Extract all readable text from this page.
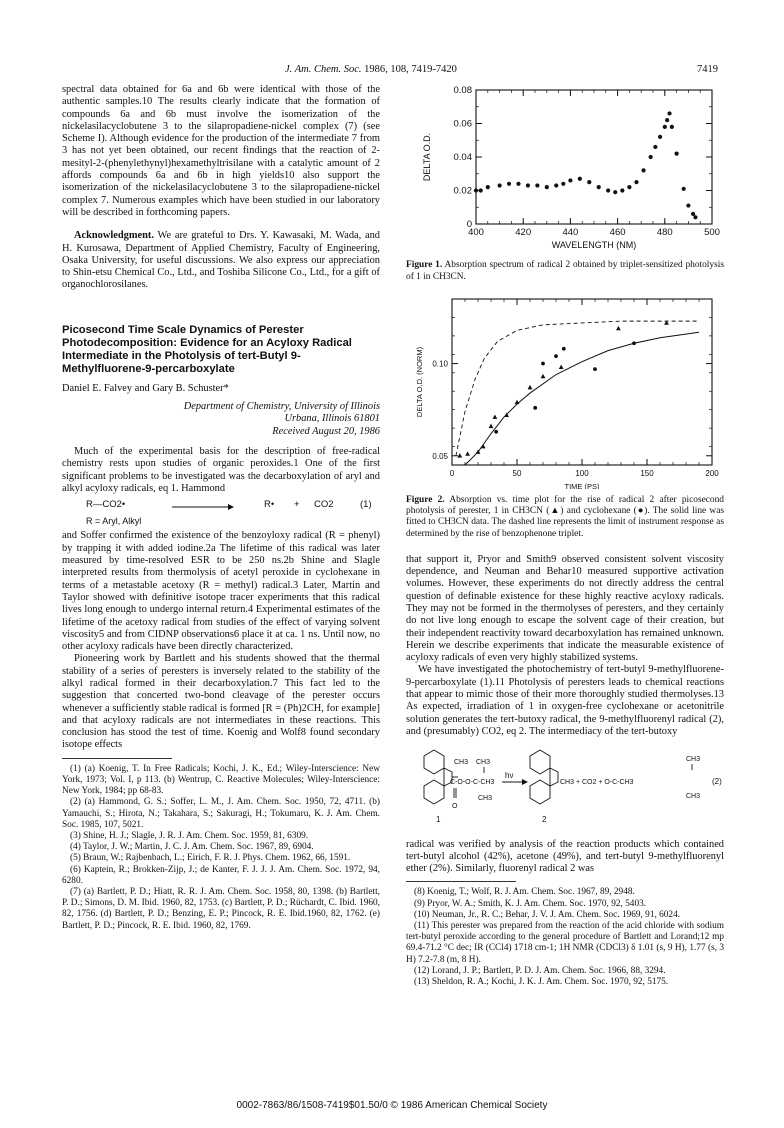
J. Am. Chem. Soc. 1986, 108, 7419-7420	7419

spectral data obtained for 6a and 6b were identical with those of the authentic samples.10 The results clearly indicate that the formation of compounds 6a and 6b must involve the isomerization of the nickelasilacyclobutene 3 to the silapropadiene-nickel complex (7) (see Scheme I). Although evidence for the production of the intermediate 7 from 3 has not yet been obtained, our recent findings that the reaction of 2-mesityl-2-(phenylethynyl)hexamethyltrisilane with a catalytic amount of 2 affords compounds 6a and 6b in high yields10 also support the isomerization of the nickelasilacyclobutene 3 to the silapropadiene-nickel complex 7. Numerous examples which have been studied in our laboratory will be described in forthcoming papers.

Acknowledgment. We are grateful to Drs. Y. Kawasaki, M. Wada, and H. Kurosawa, Department of Applied Chemistry, Faculty of Engineering, Osaka University, for useful discussions. We also express our appreciation to Shin-etsu Chemical Co., Ltd., and Toshiba Silicone Co., Ltd., for a gift of organochlorosilanes.

Picosecond Time Scale Dynamics of Perester Photodecomposition: Evidence for an Acyloxy Radical Intermediate in the Photolysis of tert-Butyl 9-Methylfluorene-9-percarboxylate

Daniel E. Falvey and Gary B. Schuster*

Department of Chemistry, University of Illinois

Urbana, Illinois 61801

Received August 20, 1986

Much of the experimental basis for the description of free-radical chemistry rests upon studies of organic peroxides.1 One of the first significant problems to be investigated was the decarboxylation of aryl and alkyl acyloxy radicals, eq 1. Hammond

R—CO2•	R• + CO2	(1)

R = Aryl, Alkyl

and Soffer confirmed the existence of the benzoyloxy radical (R = phenyl) by trapping it with added iodine.2a The lifetime of this radical was later measured by time-resolved ESR to be 250 ns.2b Shine and Slagle interpreted results from thermolysis of acetyl peroxide in cyclohexane in terms of a metastable acetoxy (R = methyl) radical.3 Later, Martin and Taylor showed with definitive isotope tracer experiments that this radical lives long enough to undergo internal return.4 Experimental estimates of the lifetime of the acetoxy radical from studies of the effect of varying solvent viscosity5 and from CIDNP observations6 place it at ca. 1 ns. Until now, no other acyloxy radicals have been directly characterized.

Pioneering work by Bartlett and his students showed that the thermal stability of a series of peresters is inversely related to the stability of the alkyl radical formed in their decarboxylation.7 This fact led to the suggestion that concerted two-bond cleavage of the perester occurs whenever a sufficiently stable radical is formed [R = (Ph)2CH, for example] and that acyloxy radicals are not intermediates in these reactions. This conclusion has stood the test of time. Koenig and Wolf8 found secondary isotope effects

(1) (a) Koenig, T. In Free Radicals; Kochi, J. K., Ed.; Wiley-Interscience: New York, 1973; Vol. I, p 113. (b) Wentrup, C. Reactive Molecules; Wiley-Interscience: New York, 1984; pp 68-83.

(2) (a) Hammond, G. S.; Soffer, L. M., J. Am. Chem. Soc. 1950, 72, 4711. (b) Yamauchi, S.; Hirota, N.; Takahara, S.; Sakuragi, H.; Tokumaru, K. J. Am. Chem. Soc. 1985, 107, 5021.

(3) Shine, H. J.; Slagle, J. R. J. Am. Chem. Soc. 1959, 81, 6309.

(4) Taylor, J. W.; Martin, J. C. J. Am. Chem. Soc. 1967, 89, 6904.

(5) Braun, W.; Rajbenbach, L.; Eirich, F. R. J. Phys. Chem. 1962, 66, 1591.

(6) Kaptein, R.; Brokken-Zijp, J.; de Kanter, F. J. J. J. Am. Chem. Soc. 1972, 94, 6280.

(7) (a) Bartlett, P. D.; Hiatt, R. R. J. Am. Chem. Soc. 1958, 80, 1398. (b) Bartlett, P. D.; Simons, D. M. Ibid. 1960, 82, 1753. (c) Bartlett, P. D.; Rüchardt, C. Ibid. 1960, 82, 1756. (d) Bartlett, P. D.; Benzing, E. P.; Pincock, R. E. Ibid.1960, 82, 1762. (e) Bartlett, P. D.; Pincock, R. E. Ibid. 1960, 82, 1769.

400	420	440	460	480	500
0
0.02
0.04
0.06
0.08
WAVELENGTH (NM)
DELTA O.D.

Figure 1. Absorption spectrum of radical 2 obtained by triplet-sensitized photolysis of 1 in CH3CN.

0	50	100	150	200
0.05
0.10
TIME (PS)
DELTA O.D. (NORM)

Figure 2. Absorption vs. time plot for the rise of radical 2 after picosecond photolysis of perester, 1 in CH3CN (▲) and cyclohexane (●). The solid line was fitted to CH3CN data. The dashed line represents the limit of instrument response as determined by the rise of benzophenone triplet.

that support it, Pryor and Smith9 observed consistent solvent viscosity dependence, and Neuman and Behar10 measured supportive activation volumes. However, these experiments do not directly address the central question of definable existence for these highly reactive acyloxy radicals. They may not be formed in the thermolyses of peresters, and they certainly do not live long enough to escape the solvent cage of their creation, but their independent reactivity toward decarboxylation has remained unknown. Herein we describe experiments that indicate the measurable existence of acyloxy radicals of even very highly stabilized systems.

We have investigated the photochemistry of tert-butyl 9-methylfluorene-9-percarboxylate (1).11 Photolysis of peresters leads to chemical reactions that appear to mimic those of their more thoroughly studied thermolyses.13 As expected, irradiation of 1 in oxygen-free cyclohexane or acetonitrile solution generates the tert-butoxy radical, the 9-methylfluorenyl radical (2), and (presumably) CO2, eq 2. The intermediacy of the tert-butoxy

CH3 CH3
C-O-O-C-CH3
O
CH3
hν
CH3 + CO2 + O-C-CH3
CH3
CH3
(2)
1	2

radical was verified by analysis of the reaction products which contained tert-butyl alcohol (42%), acetone (49%), and tert-butyl 9-methylfluorenyl ether (2%). Similarly, fluorenyl radical 2 was

(8) Koenig, T.; Wolf, R. J. Am. Chem. Soc. 1967, 89, 2948.

(9) Pryor, W. A.; Smith, K. J. Am. Chem. Soc. 1970, 92, 5403.

(10) Neuman, Jr., R. C.; Behar, J. V. J. Am. Chem. Soc. 1969, 91, 6024.

(11) This perester was prepared from the reaction of the acid chloride with sodium tert-butyl peroxide according to the general procedure of Bartlett and Lorand;12 mp 69.4-71.2 °C dec; IR (CCl4) 1718 cm-1; 1H NMR (CDCl3) δ 1.01 (s, 9 H), 1.77 (s, 3 H) 7.2-7.8 (m, 8 H).

(12) Lorand, J. P.; Bartlett, P. D. J. Am. Chem. Soc. 1966, 88, 3294.

(13) Sheldon, R. A.; Kochi, J. K. J. Am. Chem. Soc. 1970, 92, 5175.

0002-7863/86/1508-7419$01.50/0 © 1986 American Chemical Society
